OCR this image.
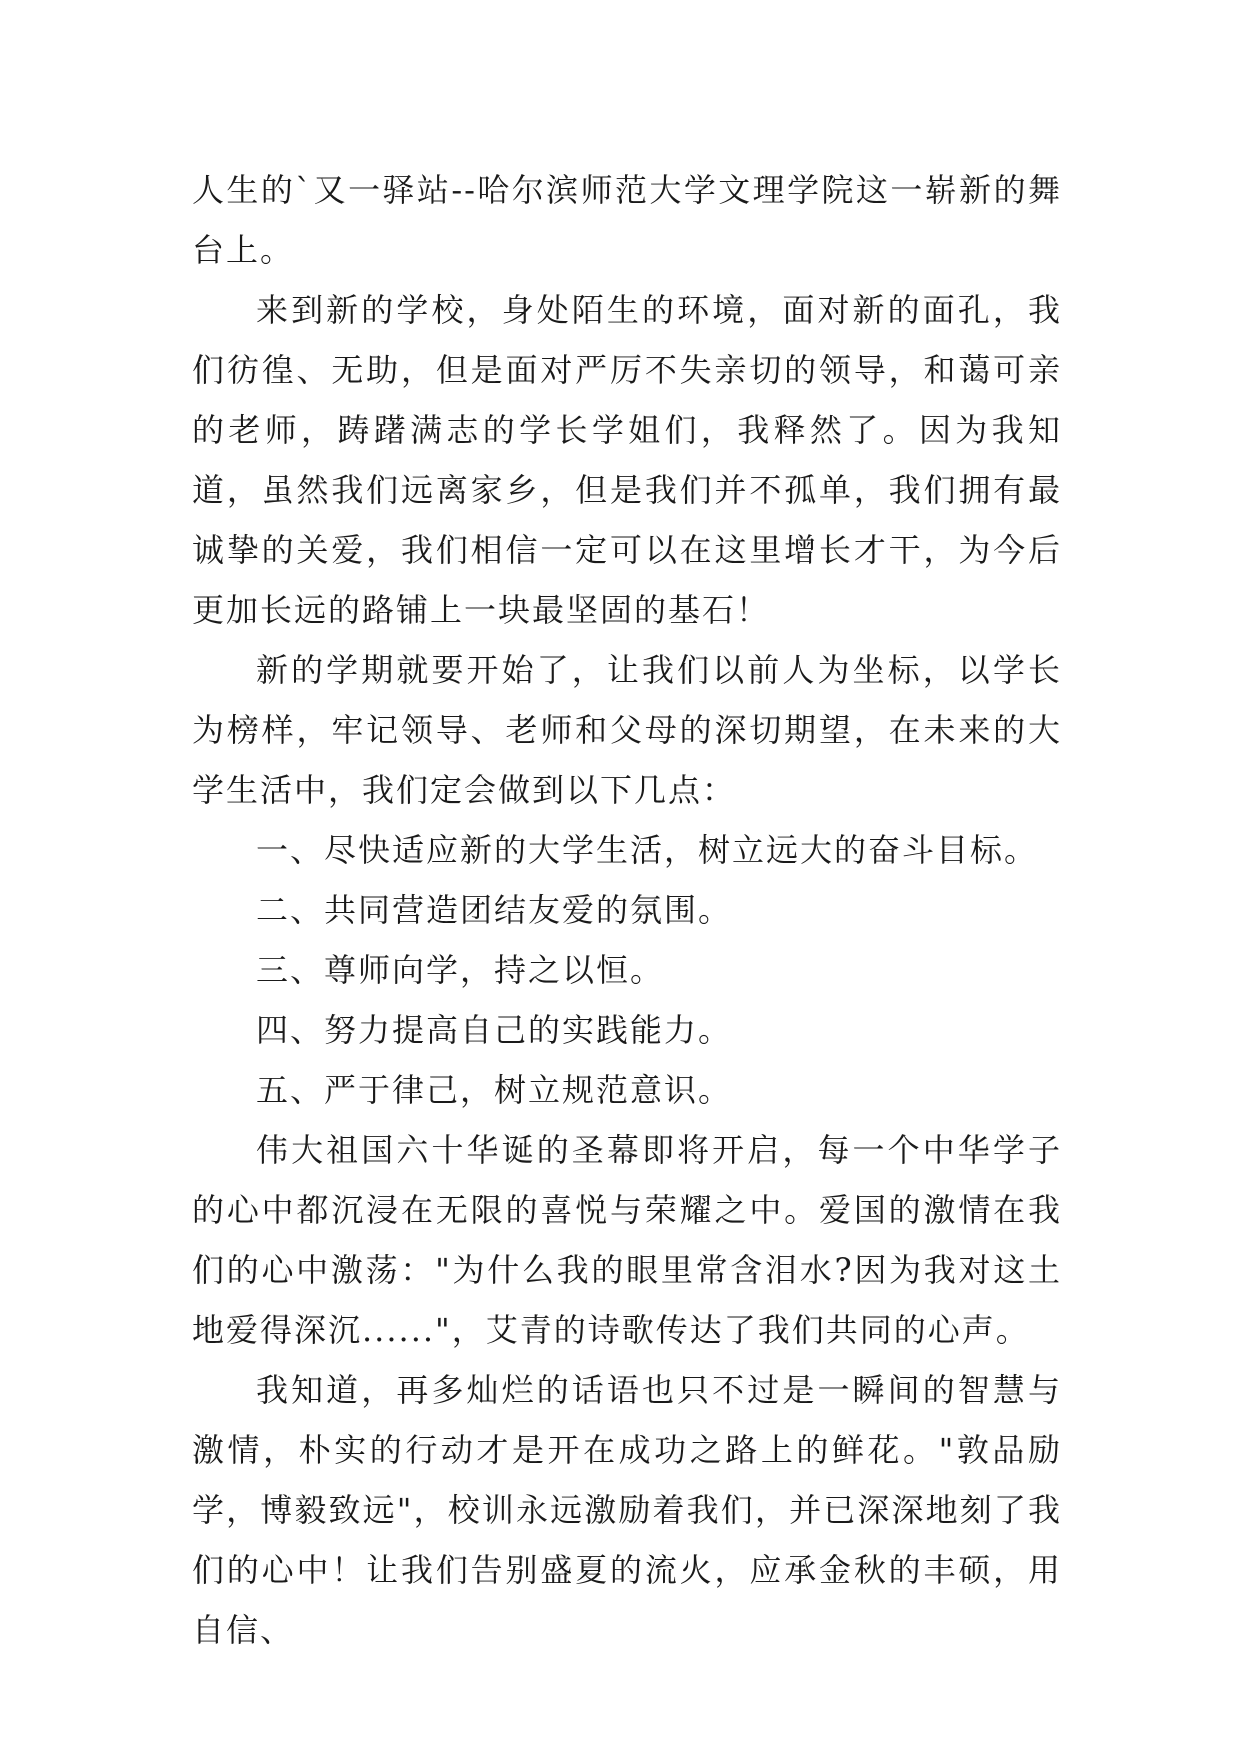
人生的`又一驿站--哈尔滨师范大学文理学院这一崭新的舞台上。

来到新的学校，身处陌生的环境，面对新的面孔，我们彷徨、无助，但是面对严厉不失亲切的领导，和蔼可亲的老师，踌躇满志的学长学姐们，我释然了。因为我知道，虽然我们远离家乡，但是我们并不孤单，我们拥有最诚挚的关爱，我们相信一定可以在这里增长才干，为今后更加长远的路铺上一块最坚固的基石！

新的学期就要开始了，让我们以前人为坐标，以学长为榜样，牢记领导、老师和父母的深切期望，在未来的大学生活中，我们定会做到以下几点：

一、尽快适应新的大学生活，树立远大的奋斗目标。

二、共同营造团结友爱的氛围。

三、尊师向学，持之以恒。

四、努力提高自己的实践能力。

五、严于律己，树立规范意识。

伟大祖国六十华诞的圣幕即将开启，每一个中华学子的心中都沉浸在无限的喜悦与荣耀之中。爱国的激情在我们的心中激荡："为什么我的眼里常含泪水?因为我对这土地爱得深沉......"，艾青的诗歌传达了我们共同的心声。

我知道，再多灿烂的话语也只不过是一瞬间的智慧与激情，朴实的行动才是开在成功之路上的鲜花。"敦品励学，博毅致远"，校训永远激励着我们，并已深深地刻了我们的心中！让我们告别盛夏的流火，应承金秋的丰硕，用自信、
